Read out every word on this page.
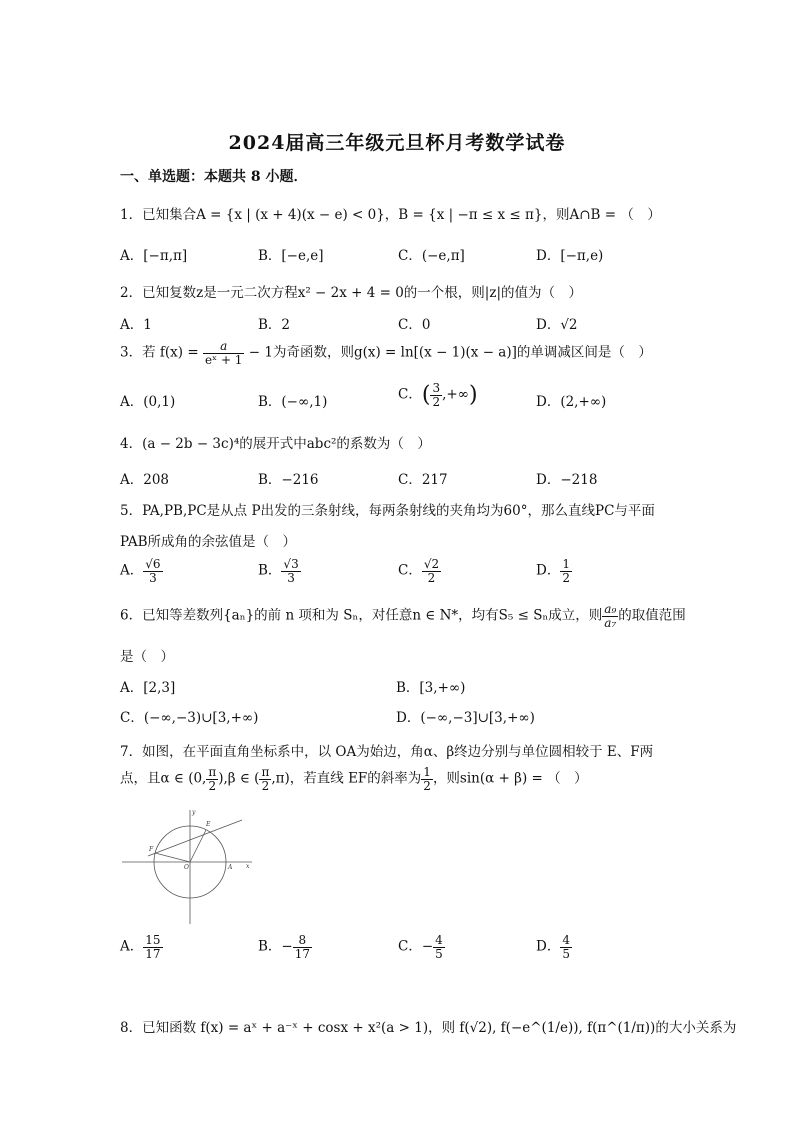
2024届高三年级元旦杯月考数学试卷
一、单选题：本题共 8 小题．
1．已知集合A = {x | (x + 4)(x − e) < 0}，B = {x | −π ≤ x ≤ π}，则A∩B = （　）
A．[−π,π]	B．[−e,e]	C．(−e,π]	D．[−π,e)
2．已知复数z是一元二次方程x² − 2x + 4 = 0的一个根，则|z|的值为（　）
A．1	B．2	C．0	D．√2
3．若 $f(x) = \frac{a}{\text{eˣ + 1}} - 1$为奇函数，则g(x) = ln[(x − 1)(x − a)]的单调减区间是（　）
A．(0,1)	B．(−∞,1)	C．( $\frac{3}{2}$ ,+∞)	D．(2,+∞)
4．(a − 2b − 3c)⁴的展开式中abc²的系数为（　）
A．208	B．−216	C．217	D．−218
5．PA,PB,PC是从点 P出发的三条射线，每两条射线的夹角均为60°，那么直线PC与平面
PAB所成角的余弦值是（　）
A． $\frac{√6}{3}$	B． $\frac{√3}{3}$	C． $\frac{√2}{2}$	D． $\frac{1}{2}$
6．已知等差数列{aₙ}的前 n 项和为 Sₙ，对任意n ∈ N*，均有S₅ ≤ Sₙ成立，则 $\frac{\text{a₉}}{\text{a₇}}$ 的取值范围
是（　）
A．[2,3]	B．[3,+∞)
C．(−∞,−3)∪[3,+∞)	D．(−∞,−3]∪[3,+∞)
7．如图，在平面直角坐标系中，以 OA为始边，角α、β终边分别与单位圆相较于 E、F两
点，且α ∈ (0, $\frac{\pi}{2} ),\beta$ ∈ ( $\frac{\pi}{2} ,\pi$)，若直线 EF的斜率为 $\frac{1}{2}$ ，则sin(α + β) = （　）
E
F
O	A x
y
A． $\frac{15}{17}$	B．− $\frac{8}{17}$	C．− $\frac{4}{5}$	D． $\frac{4}{5}$
8．已知函数 f(x) = aˣ + a⁻ˣ + cosx + x²(a > 1)，则 f(√2), f(−e^(1/e)), f(π^(1/π))的大小关系为
